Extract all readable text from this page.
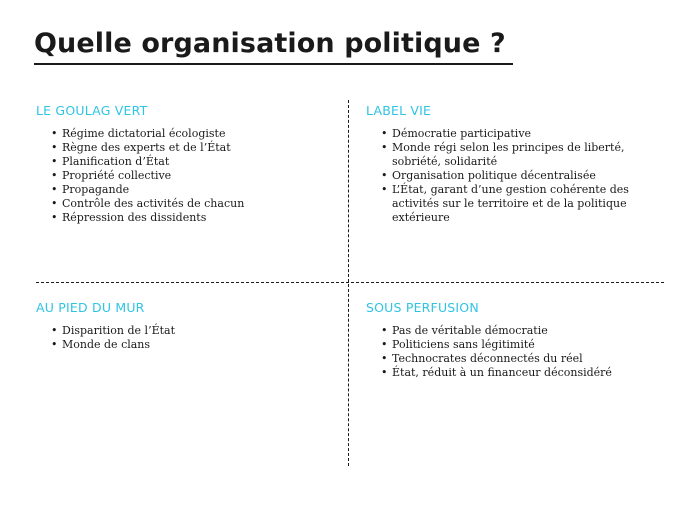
Quelle organisation politique ?
LE GOULAG VERT
• Régime dictatorial écologiste
• Règne des experts et de l’État
• Planification d’État
• Propriété collective
• Propagande
• Contrôle des activités de chacun
• Répression des dissidents
LABEL VIE
• Démocratie participative
• Monde régi selon les principes de liberté, sobriété, solidarité
• Organisation politique décentralisée
• L’État, garant d’une gestion cohérente des activités sur le territoire et de la politique extérieure
AU PIED DU MUR
• Disparition de l’État
• Monde de clans
SOUS PERFUSION
• Pas de véritable démocratie
• Politiciens sans légitimité
• Technocrates déconnectés du réel
• État, réduit à un financeur déconsidéré
